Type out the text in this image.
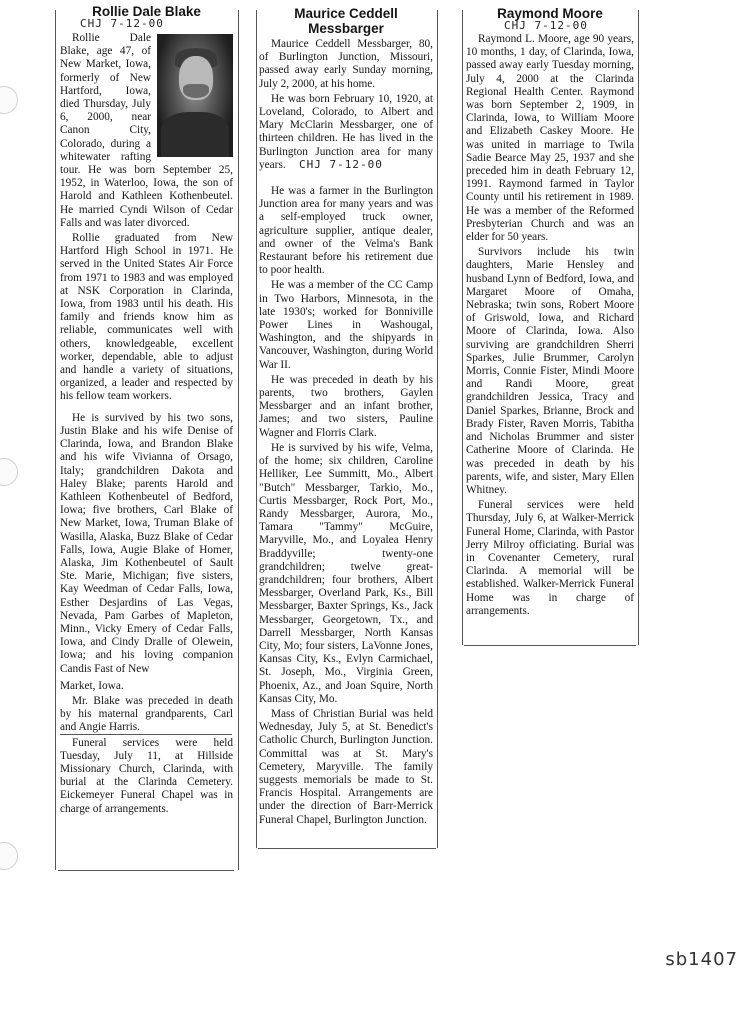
Rollie Dale Blake
CHJ 7-12-00

Rollie Dale Blake, age 47, of New Market, Iowa, formerly of New Hartford, Iowa, died Thursday, July 6, 2000, near Canon City, Colorado, during a whitewater rafting tour. He was born September 25, 1952, in Waterloo, Iowa, the son of Harold and Kathleen Kothenbeutel. He married Cyndi Wilson of Cedar Falls and was later divorced.

Rollie graduated from New Hartford High School in 1971. He served in the United States Air Force from 1971 to 1983 and was employed at NSK Corporation in Clarinda, Iowa, from 1983 until his death. His family and friends know him as reliable, communicates well with others, knowledgeable, excellent worker, dependable, able to adjust and handle a variety of situations, organized, a leader and respected by his fellow team workers.

He is survived by his two sons, Justin Blake and his wife Denise of Clarinda, Iowa, and Brandon Blake and his wife Vivianna of Orsago, Italy; grandchildren Dakota and Haley Blake; parents Harold and Kathleen Kothenbeutel of Bedford, Iowa; five brothers, Carl Blake of New Market, Iowa, Truman Blake of Wasilla, Alaska, Buzz Blake of Cedar Falls, Iowa, Augie Blake of Homer, Alaska, Jim Kothenbeutel of Sault Ste. Marie, Michigan; five sisters, Kay Weedman of Cedar Falls, Iowa, Esther Desjardins of Las Vegas, Nevada, Pam Garbes of Mapleton, Minn., Vicky Emery of Cedar Falls, Iowa, and Cindy Dralle of Olewein, Iowa; and his loving companion Candis Fast of New

Market, Iowa.

Mr. Blake was preceded in death by his maternal grandparents, Carl and Angie Harris.

Funeral services were held Tuesday, July 11, at Hillside Missionary Church, Clarinda, with burial at the Clarinda Cemetery. Eickemeyer Funeral Chapel was in charge of arrangements.

Maurice Ceddell Messbarger

Maurice Ceddell Messbarger, 80, of Burlington Junction, Missouri, passed away early Sunday morning, July 2, 2000, at his home.

He was born February 10, 1920, at Loveland, Colorado, to Albert and Mary McClarin Messbarger, one of thirteen children. He has lived in the Burlington Junction area for many years.	CHJ 7-12-00

He was a farmer in the Burlington Junction area for many years and was a self-employed truck owner, agriculture supplier, antique dealer, and owner of the Velma's Bank Restaurant before his retirement due to poor health.

He was a member of the CC Camp in Two Harbors, Minnesota, in the late 1930's; worked for Bonniville Power Lines in Washougal, Washington, and the shipyards in Vancouver, Washington, during World War II.

He was preceded in death by his parents, two brothers, Gaylen Messbarger and an infant brother, James; and two sisters, Pauline Wagner and Florris Clark.

He is survived by his wife, Velma, of the home; six children, Caroline Helliker, Lee Summitt, Mo., Albert "Butch" Messbarger, Tarkio, Mo., Curtis Messbarger, Rock Port, Mo., Randy Messbarger, Aurora, Mo., Tamara "Tammy" McGuire, Maryville, Mo., and Loyalea Henry Braddyville; twenty-one grandchildren; twelve great-grandchildren; four brothers, Albert Messbarger, Overland Park, Ks., Bill Messbarger, Baxter Springs, Ks., Jack Messbarger, Georgetown, Tx., and Darrell Messbarger, North Kansas City, Mo; four sisters, LaVonne Jones, Kansas City, Ks., Evlyn Carmichael, St. Joseph, Mo., Virginia Green, Phoenix, Az., and Joan Squire, North Kansas City, Mo.

Mass of Christian Burial was held Wednesday, July 5, at St. Benedict's Catholic Church, Burlington Junction. Committal was at St. Mary's Cemetery, Maryville. The family suggests memorials be made to St. Francis Hospital. Arrangements are under the direction of Barr-Merrick Funeral Chapel, Burlington Junction.

Raymond Moore
CHJ 7-12-00

Raymond L. Moore, age 90 years, 10 months, 1 day, of Clarinda, Iowa, passed away early Tuesday morning, July 4, 2000 at the Clarinda Regional Health Center. Raymond was born September 2, 1909, in Clarinda, Iowa, to William Moore and Elizabeth Caskey Moore. He was united in marriage to Twila Sadie Bearce May 25, 1937 and she preceded him in death February 12, 1991. Raymond farmed in Taylor County until his retirement in 1989. He was a member of the Reformed Presbyterian Church and was an elder for 50 years.

Survivors include his twin daughters, Marie Hensley and husband Lynn of Bedford, Iowa, and Margaret Moore of Omaha, Nebraska; twin sons, Robert Moore of Griswold, Iowa, and Richard Moore of Clarinda, Iowa. Also surviving are grandchildren Sherri Sparkes, Julie Brummer, Carolyn Morris, Connie Fister, Mindi Moore and Randi Moore, great grandchildren Jessica, Tracy and Daniel Sparkes, Brianne, Brock and Brady Fister, Raven Morris, Tabitha and Nicholas Brummer and sister Catherine Moore of Clarinda. He was preceded in death by his parents, wife, and sister, Mary Ellen Whitney.

Funeral services were held Thursday, July 6, at Walker-Merrick Funeral Home, Clarinda, with Pastor Jerry Milroy officiating. Burial was in Covenanter Cemetery, rural Clarinda. A memorial will be established. Walker-Merrick Funeral Home was in charge of arrangements.

sb1407
